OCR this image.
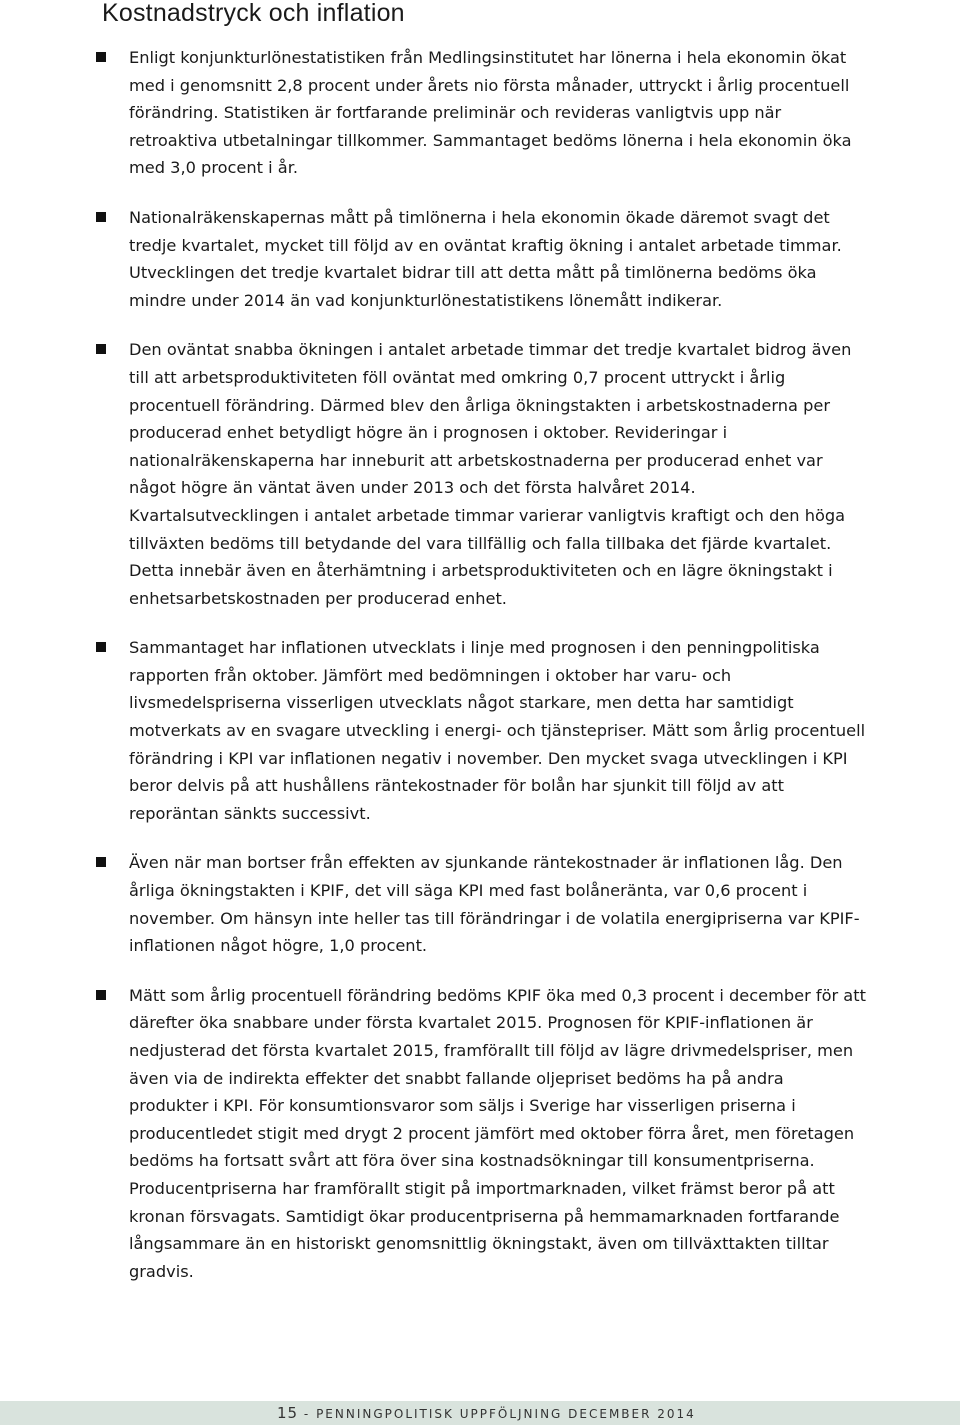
Kostnadstryck och inflation
Enligt konjunkturlönestatistiken från Medlingsinstitutet har lönerna i hela ekonomin ökat med i genomsnitt 2,8 procent under årets nio första månader, uttryckt i årlig procentuell förändring. Statistiken är fortfarande preliminär och revideras vanligtvis upp när retroaktiva utbetalningar tillkommer. Sammantaget bedöms lönerna i hela ekonomin öka med 3,0 procent i år.
Nationalräkenskapernas mått på timlönerna i hela ekonomin ökade däremot svagt det tredje kvartalet, mycket till följd av en oväntat kraftig ökning i antalet arbetade timmar. Utvecklingen det tredje kvartalet bidrar till att detta mått på timlönerna bedöms öka mindre under 2014 än vad konjunkturlönestatistikens lönemått indikerar.
Den oväntat snabba ökningen i antalet arbetade timmar det tredje kvartalet bidrog även till att arbetsproduktiviteten föll oväntat med omkring 0,7 procent uttryckt i årlig procentuell förändring. Därmed blev den årliga ökningstakten i arbetskostnaderna per producerad enhet betydligt högre än i prognosen i oktober. Revideringar i nationalräkenskaperna har inneburit att arbetskostnaderna per producerad enhet var något högre än väntat även under 2013 och det första halvåret 2014. Kvartalsutvecklingen i antalet arbetade timmar varierar vanligtvis kraftigt och den höga tillväxten bedöms till betydande del vara tillfällig och falla tillbaka det fjärde kvartalet. Detta innebär även en återhämtning i arbetsproduktiviteten och en lägre ökningstakt i enhetsarbetskostnaden per producerad enhet.
Sammantaget har inflationen utvecklats i linje med prognosen i den penningpolitiska rapporten från oktober. Jämfört med bedömningen i oktober har varu- och livsmedelspriserna visserligen utvecklats något starkare, men detta har samtidigt motverkats av en svagare utveckling i energi- och tjänstepriser. Mätt som årlig procentuell förändring i KPI var inflationen negativ i november. Den mycket svaga utvecklingen i KPI beror delvis på att hushållens räntekostnader för bolån har sjunkit till följd av att reporäntan sänkts successivt.
Även när man bortser från effekten av sjunkande räntekostnader är inflationen låg. Den årliga ökningstakten i KPIF, det vill säga KPI med fast bolåneränta, var 0,6 procent i november. Om hänsyn inte heller tas till förändringar i de volatila energipriserna var KPIF-inflationen något högre, 1,0 procent.
Mätt som årlig procentuell förändring bedöms KPIF öka med 0,3 procent i december för att därefter öka snabbare under första kvartalet 2015. Prognosen för KPIF-inflationen är nedjusterad det första kvartalet 2015, framförallt till följd av lägre drivmedelspriser, men även via de indirekta effekter det snabbt fallande oljepriset bedöms ha på andra produkter i KPI. För konsumtionsvaror som säljs i Sverige har visserligen priserna i producentledet stigit med drygt 2 procent jämfört med oktober förra året, men företagen bedöms ha fortsatt svårt att föra över sina kostnadsökningar till konsumentpriserna. Producentpriserna har framförallt stigit på importmarknaden, vilket främst beror på att kronan försvagats. Samtidigt ökar producentpriserna på hemmamarknaden fortfarande långsammare än en historiskt genomsnittlig ökningstakt, även om tillväxttakten tilltar gradvis.
15 - PENNINGPOLITISK UPPFÖLJNING DECEMBER 2014
